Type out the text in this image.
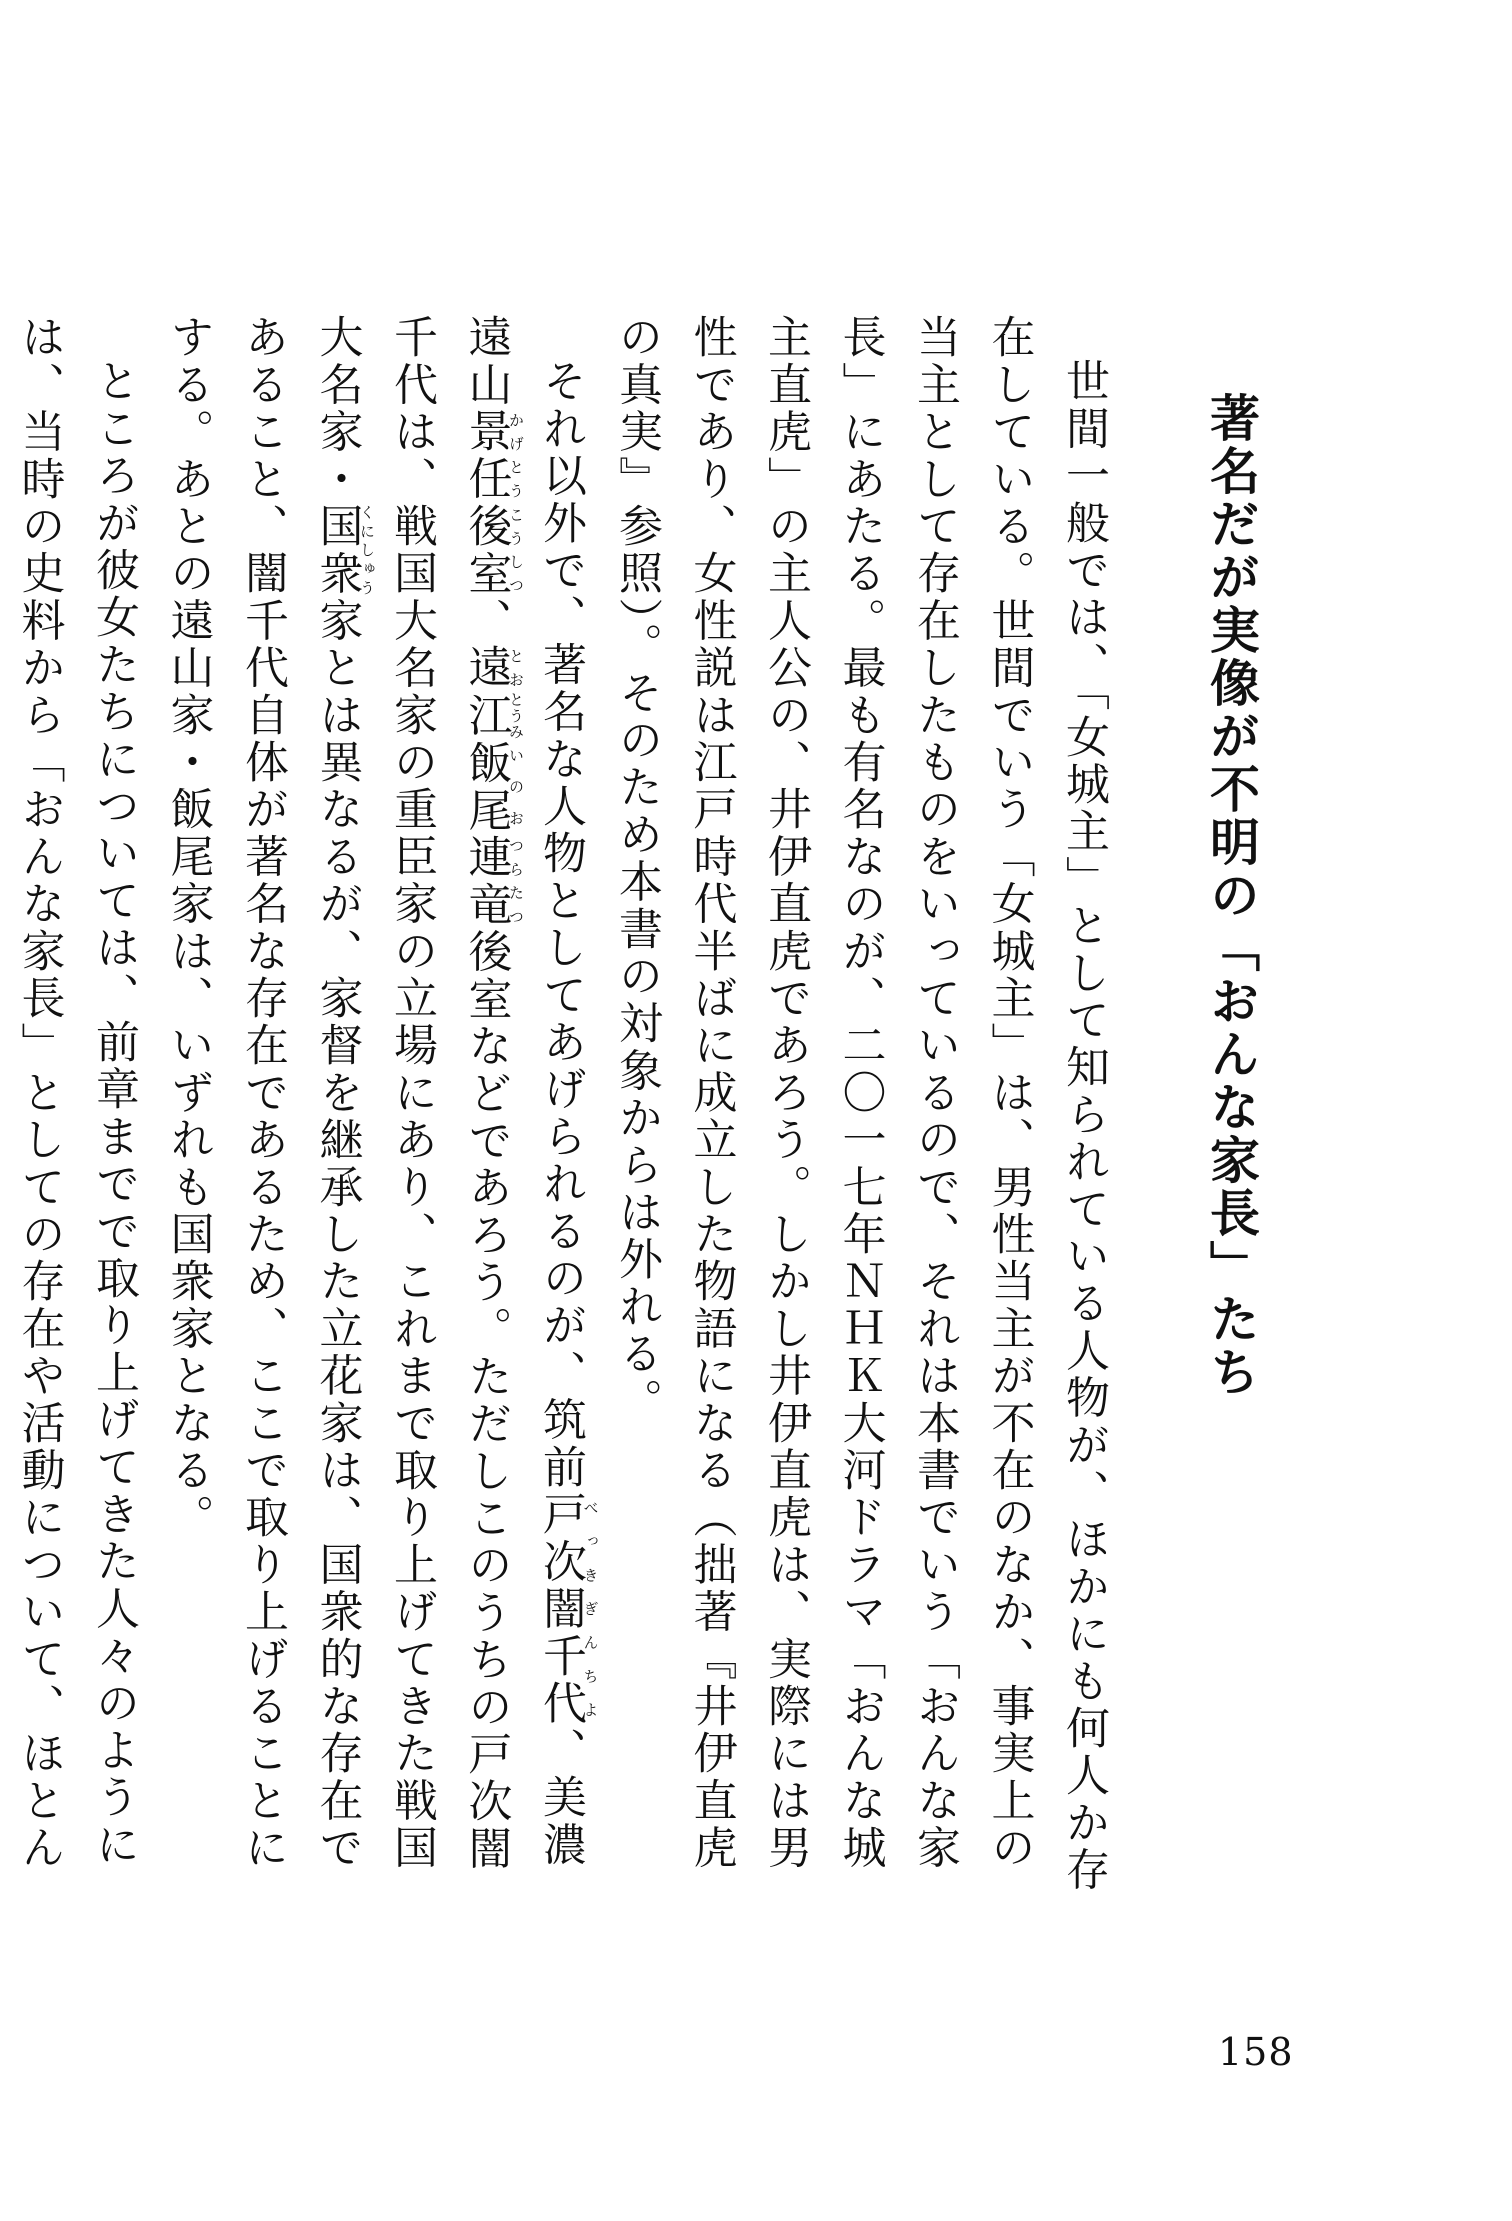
著名だが実像が不明の「おんな家長」たち

世間一般では、「女城主」として知られている人物が、ほかにも何人か存在している。世間でいう「女城主」は、男性当主が不在のなか、事実上の当主として存在したものをいっているので、それは本書でいう「おんな家長」にあたる。最も有名なのが、二〇一七年ＮＨＫ大河ドラマ「おんな城主直虎」の主人公の、井伊直虎であろう。しかし井伊直虎は、実際には男性であり、女性説は江戸時代半ばに成立した物語になる（拙著『井伊直虎の真実』参照）。そのため本書の対象からは外れる。

それ以外で、著名な人物としてあげられるのが、筑前戸次闇千代べっきぎんちよ、美濃遠山景任かげとう後室こうしつ、遠とお江とうみ飯尾いのお連竜つらたつ後室などであろう。ただしこのうちの戸次闇千代は、戦国大名家の重臣家の立場にあり、これまで取り上げてきた戦国大名家・国衆くにしゅう家とは異なるが、家督を継承した立花家は、国衆的な存在であること、闇千代自体が著名な存在であるため、ここで取り上げることにする。あとの遠山家・飯尾家は、いずれも国衆家となる。

ところが彼女たちについては、前章までで取り上げてきた人々のようには、当時の史料から「おんな家長」としての存在や活動について、ほとん

158
